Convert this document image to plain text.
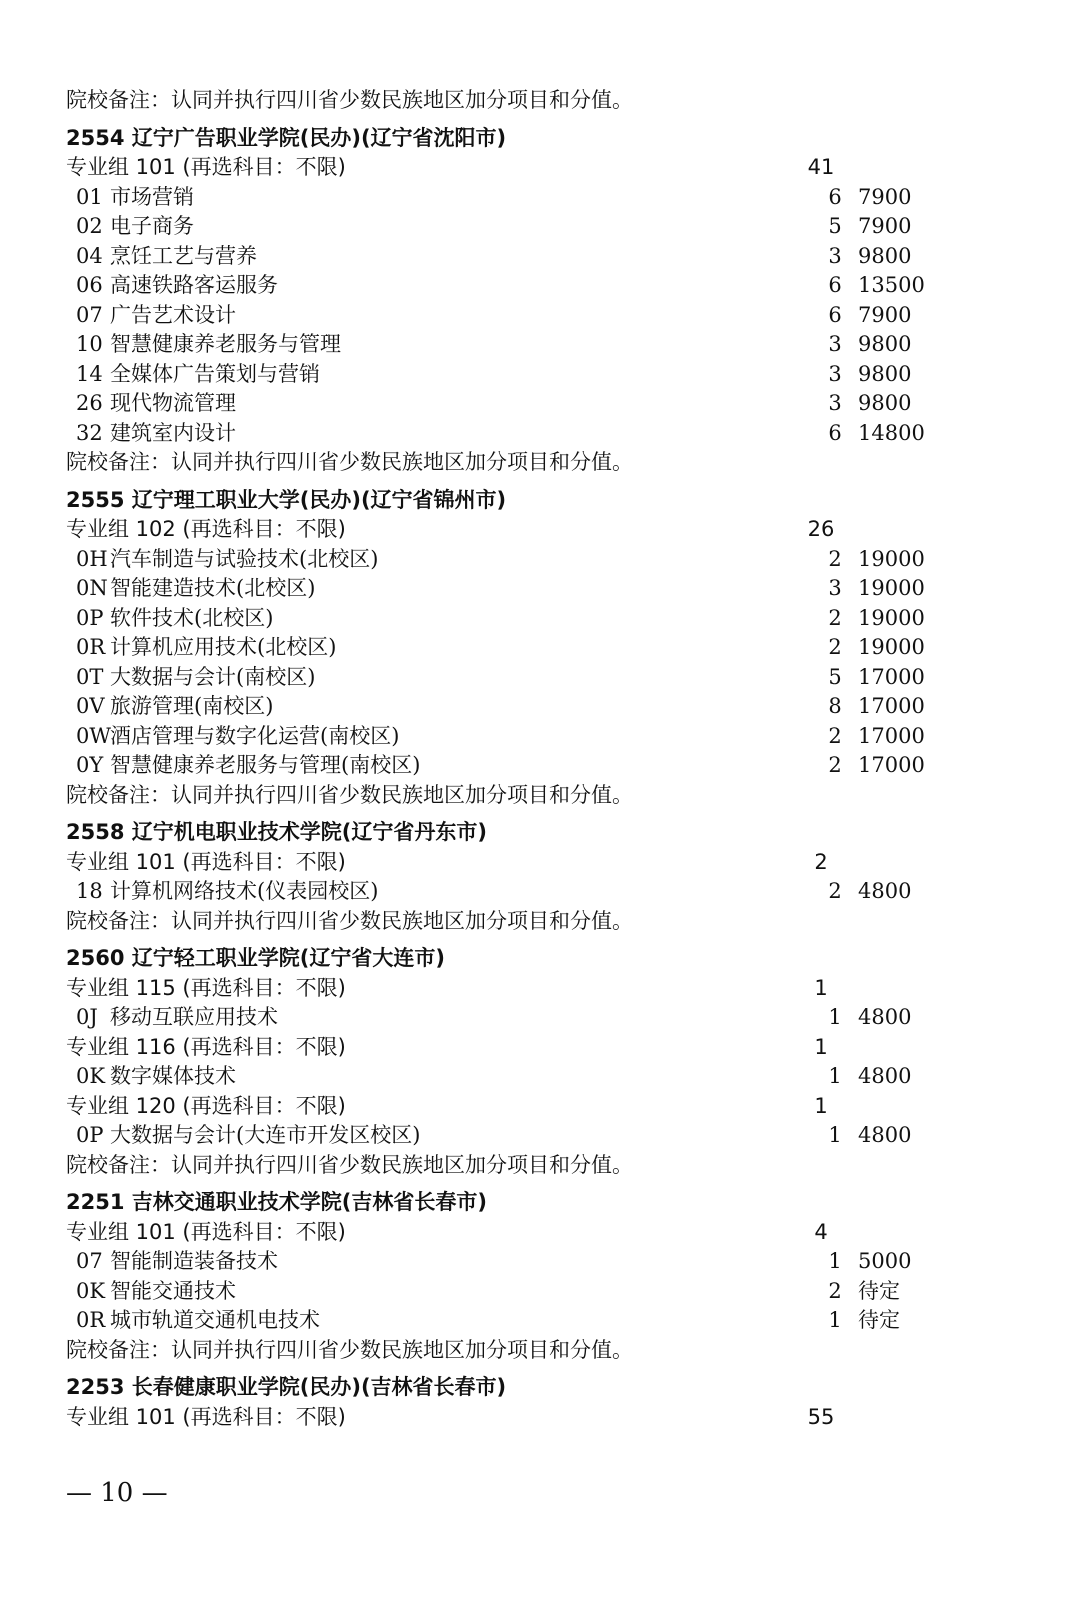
院校备注：认同并执行四川省少数民族地区加分项目和分值。
2554 辽宁广告职业学院(民办)(辽宁省沈阳市)
专业组 101 (再选科目：不限)	41
01 市场营销	6 7900
02 电子商务	5 7900
04 烹饪工艺与营养	3 9800
06 高速铁路客运服务	6 13500
07 广告艺术设计	6 7900
10 智慧健康养老服务与管理	3 9800
14 全媒体广告策划与营销	3 9800
26 现代物流管理	3 9800
32 建筑室内设计	6 14800
院校备注：认同并执行四川省少数民族地区加分项目和分值。
2555 辽宁理工职业大学(民办)(辽宁省锦州市)
专业组 102 (再选科目：不限)	26
0H 汽车制造与试验技术(北校区)	2 19000
0N 智能建造技术(北校区)	3 19000
0P 软件技术(北校区)	2 19000
0R 计算机应用技术(北校区)	2 19000
0T 大数据与会计(南校区)	5 17000
0V 旅游管理(南校区)	8 17000
0W 酒店管理与数字化运营(南校区)	2 17000
0Y 智慧健康养老服务与管理(南校区)	2 17000
院校备注：认同并执行四川省少数民族地区加分项目和分值。
2558 辽宁机电职业技术学院(辽宁省丹东市)
专业组 101 (再选科目：不限)	2
18 计算机网络技术(仪表园校区)	2 4800
院校备注：认同并执行四川省少数民族地区加分项目和分值。
2560 辽宁轻工职业学院(辽宁省大连市)
专业组 115 (再选科目：不限)	1
0J 移动互联应用技术	1 4800
专业组 116 (再选科目：不限)	1
0K 数字媒体技术	1 4800
专业组 120 (再选科目：不限)	1
0P 大数据与会计(大连市开发区校区)	1 4800
院校备注：认同并执行四川省少数民族地区加分项目和分值。
2251 吉林交通职业技术学院(吉林省长春市)
专业组 101 (再选科目：不限)	4
07 智能制造装备技术	1 5000
0K 智能交通技术	2 待定
0R 城市轨道交通机电技术	1 待定
院校备注：认同并执行四川省少数民族地区加分项目和分值。
2253 长春健康职业学院(民办)(吉林省长春市)
专业组 101 (再选科目：不限)	55
— 10 —
